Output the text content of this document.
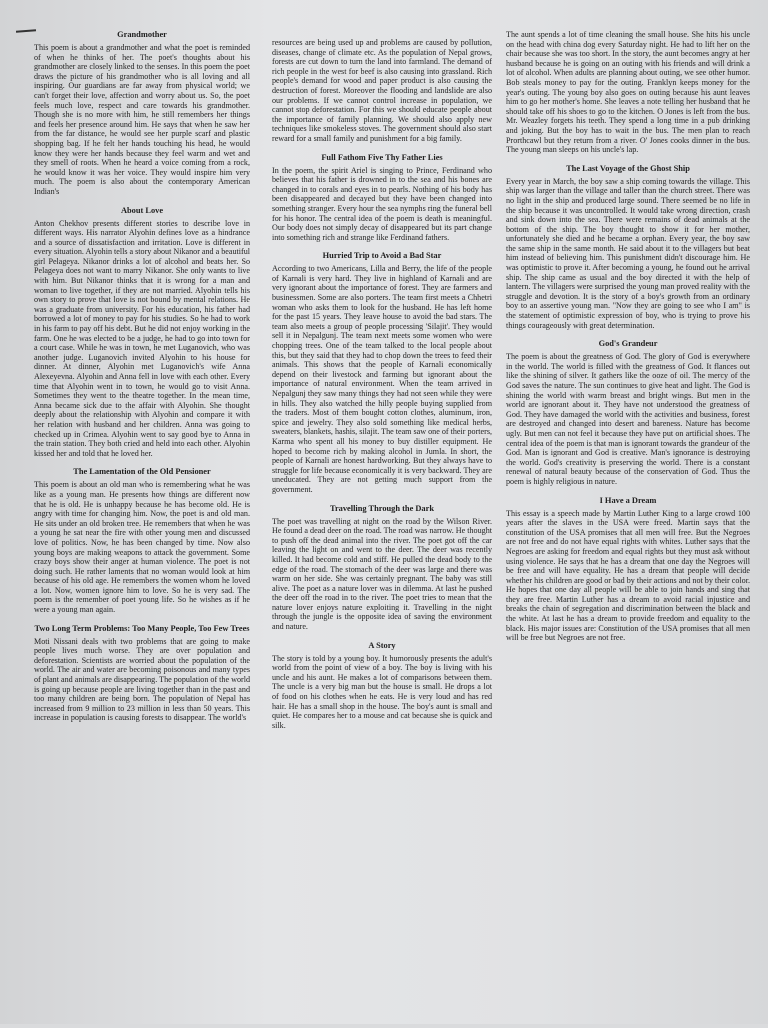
Grandmother

This poem is about a grandmother and what the poet is reminded of when he thinks of her. The poet's thoughts about his grandmother are closely linked to the senses. In this poem the poet draws the picture of his grandmother who is all loving and all inspiring. Our guardians are far away from physical world; we can't forget their love, affection and worry about us. So, the poet feels much love, respect and care towards his grandmother. Though she is no more with him, he still remembers her things and feels her presence around him. He says that when he saw her from the far distance, he would see her purple scarf and plastic shopping bag. If he felt her hands touching his head, he would know they were her hands because they feel warm and wet and they smell of roots. When he heard a voice coming from a rock, he would know it was her voice. They would inspire him very much. The poem is also about the contemporary American Indian's

About Love

Anton Chekhov presents different stories to describe love in different ways. His narrator Alyohin defines love as a hindrance and a source of dissatisfaction and irritation. Love is different in every situation. Alyohin tells a story about Nikanor and a beautiful girl Pelageya. Nikanor drinks a lot of alcohol and beats her. So Pelageya does not want to marry Nikanor. She only wants to live with him. But Nikanor thinks that it is wrong for a man and woman to live together, if they are not married. Alyohin tells his own story to prove that love is not bound by mental relations. He was a graduate from university. For his education, his father had borrowed a lot of money to pay for his studies. So he had to work in his farm to pay off his debt. But he did not enjoy working in the farm. One he was elected to be a judge, he had to go into town for a court case. While he was in town, he met Luganovich, who was another judge. Luganovich invited Alyohin to his house for dinner. At dinner, Alyohin met Luganovich's wife Anna Alexeyevna. Alyohin and Anna fell in love with each other. Every time that Alyohin went in to town, he would go to visit Anna. Sometimes they went to the theatre together. In the mean time, Anna became sick due to the affair with Alyohin. She thought deeply about the relationship with Alyohin and compare it with her relation with husband and her children. Anna was going to checked up in Crimea. Alyohin went to say good bye to Anna in the train station. They both cried and held into each other. Alyohin kissed her and told that he loved her.

The Lamentation of the Old Pensioner

This poem is about an old man who is remembering what he was like as a young man. He presents how things are different now that he is old. He is unhappy because he has become old. He is angry with time for changing him. Now, the poet is and old man. He sits under an old broken tree. He remembers that when he was a young he sat near the fire with other young men and discussed love of politics. Now, he has been changed by time. Now also young boys are making weapons to attack the government. Some crazy boys show their anger at human violence. The poet is not doing such. He rather laments that no woman would look at him because of his old age. He remembers the women whom he loved a lot. Now, women ignore him to love. So he is very sad. The poem is the remember of poet young life. So he wishes as if he were a young man again.

Two Long Term Problems: Too Many People, Too Few Trees

Moti Nissani deals with two problems that are going to make people lives much worse. They are over population and deforestation. Scientists are worried about the population of the world. The air and water are becoming poisonous and many types of plant and animals are disappearing. The population of the world is going up because people are living together than in the past and too many children are being born. The population of Nepal has increased from 9 million to 23 million in less than 50 years. This increase in population is causing forests to disappear. The world's

resources are being used up and problems are caused by pollution, diseases, change of climate etc. As the population of Nepal grows, forests are cut down to turn the land into farmland. The demand of rich people in the west for beef is also causing into grassland. Rich people's demand for wood and paper product is also causing the destruction of forest. Moreover the flooding and landslide are also our problems. If we cannot control increase in population, we cannot stop deforestation. For this we should educate people about the importance of family planning. We should also apply new techniques like smokeless stoves. The government should also start reward for a small family and punishment for a big family.

Full Fathom Five Thy Father Lies

In the poem, the spirit Ariel is singing to Prince, Ferdinand who believes that his father is drowned in to the sea and his bones are changed in to corals and eyes in to pearls. Nothing of his body has been disappeared and decayed but they have been changed into something stranger. Every hour the sea nymphs ring the funeral bell for his honor. The central idea of the poem is death is meaningful. Our body does not simply decay of disappeared but its part change into something rich and strange like Ferdinand fathers.

Hurried Trip to Avoid a Bad Star

According to two Americans, Lilla and Berry, the life of the people of Karnali is very hard. They live in highland of Karnali and are very ignorant about the importance of forest. They are farmers and businessmen. Some are also porters. The team first meets a Chhetri woman who asks them to look for the husband. He has left home for the past 15 years. They leave house to avoid the bad stars. The team also meets a group of people processing 'Silajit'. They would sell it in Nepalgunj. The team next meets some women who were chopping trees. One of the team talked to the local people about this, but they said that they had to chop down the trees to feed their animals. This shows that the people of Karnali economically depend on their livestock and farming but ignorant about the importance of natural environment. When the team arrived in Nepalgunj they saw many things they had not seen while they were in hills. They also watched the hilly people buying supplied from the traders. Most of them bought cotton clothes, aluminum, iron, spice and jewelry. They also sold something like medical herbs, sweaters, blankets, hashis, silajit. The team saw one of their porters, Karma who spent all his money to buy distiller equipment. He hoped to become rich by making alcohol in Jumla. In short, the people of Karnali are honest hardworking. But they always have to struggle for life because economically it is very backward. They are uneducated. They are not getting much support from the government.

Travelling Through the Dark

The poet was travelling at night on the road by the Wilson River. He found a dead deer on the road. The road was narrow. He thought to push off the dead animal into the river. The poet got off the car leaving the light on and went to the deer. The deer was recently killed. It had become cold and stiff. He pulled the dead body to the edge of the road. The stomach of the deer was large and there was warm on her side. She was certainly pregnant. The baby was still alive. The poet as a nature lover was in dilemma. At last he pushed the deer off the road in to the river. The poet tries to mean that the nature lover enjoys nature exploiting it. Travelling in the night through the jungle is the opposite idea of saving the environment and nature.

A Story

The story is told by a young boy. It humorously presents the adult's world from the point of view of a boy. The boy is living with his uncle and his aunt. He makes a lot of comparisons between them. The uncle is a very big man but the house is small. He drops a lot of food on his clothes when he eats. He is very loud and has red hair. He has a small shop in the house. The boy's aunt is small and quiet. He compares her to a mouse and cat because she is quick and silk.

The aunt spends a lot of time cleaning the small house. She hits his uncle on the head with china dog every Saturday night. He had to lift her on the chair because she was too short. In the story, the aunt becomes angry at her husband because he is going on an outing with his friends and will drink a lot of alcohol. When adults are planning about outing, we see other humor. Bob steals money to pay for the outing. Franklyn keeps money for the year's outing. The young boy also goes on outing because his aunt leaves him to go her mother's home. She leaves a note telling her husband that he should take off his shoes to go to the kitchen. O Jones is left from the bus. Mr. Weazley forgets his teeth. They spend a long time in a pub drinking and joking. But the boy has to wait in the bus. The men plan to reach Prorthcawl but they return from a river. O' Jones cooks dinner in the bus. The young man sleeps on his uncle's lap.

The Last Voyage of the Ghost Ship

Every year in March, the boy saw a ship coming towards the village. This ship was larger than the village and taller than the church street. There was no light in the ship and produced large sound. There seemed be no life in the ship because it was uncontrolled. It would take wrong direction, crash and sink down into the sea. There were remains of dead animals at the bottom of the ship. The boy thought to show it for her mother, unfortunately she died and he became a orphan. Every year, the boy saw the same ship in the same month. He said about it to the villagers but beat him instead of believing him. This punishment didn't discourage him. He was optimistic to prove it. After becoming a young, he found out he arrival ship. The ship came as usual and the boy directed it with the help of lantern. The villagers were surprised the young man proved reality with the struggle and devotion. It is the story of a boy's growth from an ordinary boy to an assertive young man. "Now they are going to see who I am" is the statement of optimistic expression of boy, who is trying to prove his things courageously with great determination.

God's Grandeur

The poem is about the greatness of God. The glory of God is everywhere in the world. The world is filled with the greatness of God. It flances out like the shining of silver. It gathers like the ooze of oil. The mercy of the God saves the nature. The sun continues to give heat and light. The God is shining the world with warm breast and bright wings. But men in the world are ignorant about it. They have not understood the greatness of God. They have damaged the world with the activities and business, forest are destroyed and changed into desert and bareness. Nature has become ugly. But men can not feel it because they have put on artificial shoes. The central idea of the poem is that man is ignorant towards the grandeur of the God. Man is ignorant and God is creative. Man's ignorance is destroying the world. God's creativity is preserving the world. There is a constant renewal of natural beauty because of the conservation of God. Thus the poem is highly religious in nature.

I Have a Dream

This essay is a speech made by Martin Luther King to a large crowd 100 years after the slaves in the USA were freed. Martin says that the constitution of the USA promises that all men will free. But the Negroes are not free and do not have equal rights with whites. Luther says that the Negroes are asking for freedom and equal rights but they must ask without using violence. He says that he has a dream that one day the Negroes will be free and will have equality. He has a dream that people will decide whether his children are good or bad by their actions and not by their color. He hopes that one day all people will be able to join hands and sing that they are free. Martin Luther has a dream to avoid racial injustice and breaks the chain of segregation and discrimination between the black and the white. At last he has a dream to provide freedom and equality to the black. His major issues are: Constitution of the USA promises that all men will be free but Negroes are not free.
